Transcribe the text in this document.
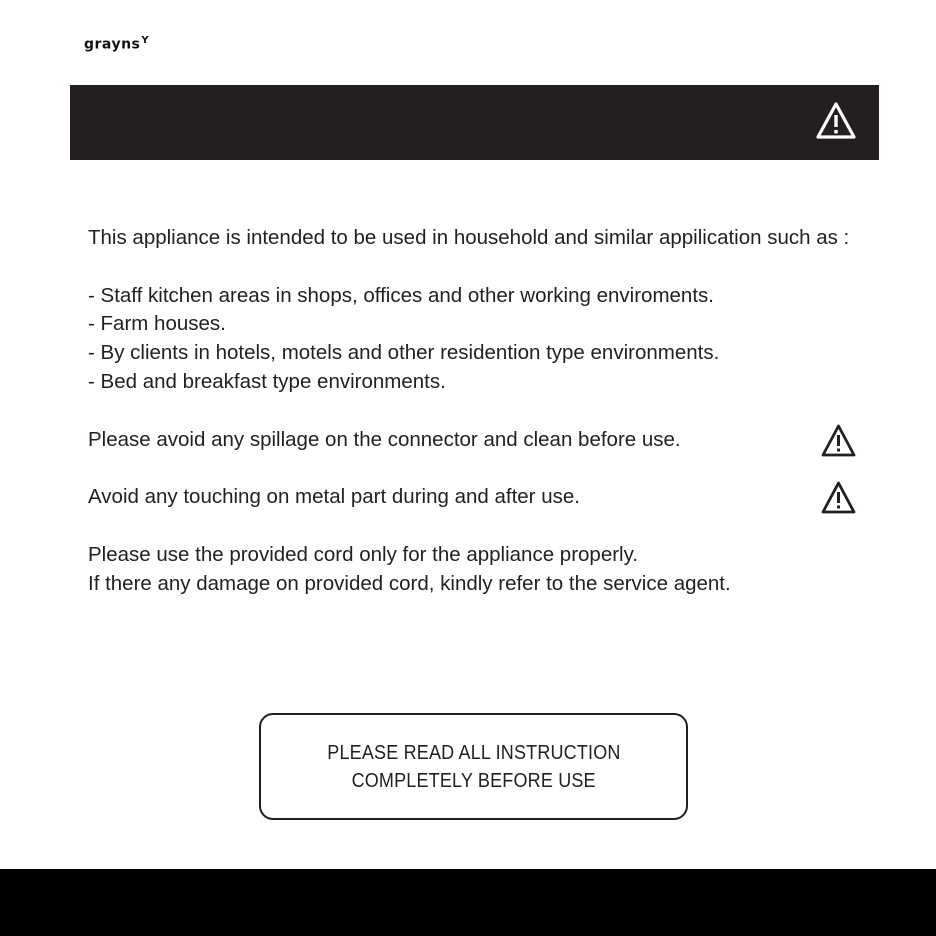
grayns$^Y$

This appliance is intended to be used in household and similar appilication such as :

- Staff kitchen areas in shops, offices and other working enviroments.

- Farm houses.

- By clients in hotels, motels and other residention type environments.

- Bed and breakfast type environments.

Please avoid any spillage on the connector and clean before use.

Avoid any touching on metal part during and after use.

Please use the provided cord only for the appliance properly.

If there any damage on provided cord, kindly refer to the service agent.

PLEASE READ ALL INSTRUCTION
COMPLETELY BEFORE USE
